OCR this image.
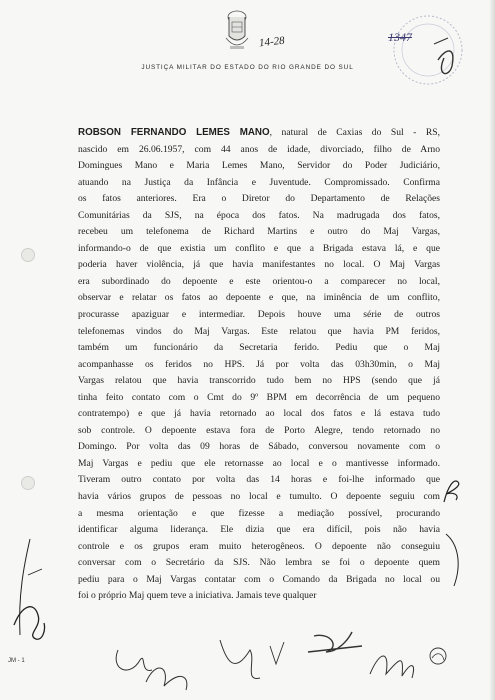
14-28
JUSTIÇA MILITAR DO ESTADO DO RIO GRANDE DO SUL
1347
ROBSON FERNANDO LEMES MANO, natural de Caxias do Sul - RS,
nascido em 26.06.1957, com 44 anos de idade, divorciado, filho de Arno
Domingues Mano e Maria Lemes Mano, Servidor do Poder Judiciário,
atuando na Justiça da Infância e Juventude. Compromissado. Confirma
os fatos anteriores. Era o Diretor do Departamento de Relações
Comunitárias da SJS, na época dos fatos. Na madrugada dos fatos,
recebeu um telefonema de Richard Martins e outro do Maj Vargas,
informando-o de que existia um conflito e que a Brigada estava lá, e que
poderia haver violência, já que havia manifestantes no local. O Maj Vargas
era subordinado do depoente e este orientou-o a comparecer no local,
observar e relatar os fatos ao depoente e que, na iminência de um conflito,
procurasse apaziguar e intermediar. Depois houve uma série de outros
telefonemas vindos do Maj Vargas. Este relatou que havia PM feridos,
também um funcionário da Secretaria ferido. Pediu que o Maj
acompanhasse os feridos no HPS. Já por volta das 03h30min, o Maj
Vargas relatou que havia transcorrido tudo bem no HPS (sendo que já
tinha feito contato com o Cmt do 9º BPM em decorrência de um pequeno
contratempo) e que já havia retornado ao local dos fatos e lá estava tudo
sob controle. O depoente estava fora de Porto Alegre, tendo retornado no
Domingo. Por volta das 09 horas de Sábado, conversou novamente com o
Maj Vargas e pediu que ele retornasse ao local e o mantivesse informado.
Tiveram outro contato por volta das 14 horas e foi-lhe informado que
havia vários grupos de pessoas no local e tumulto. O depoente seguiu com
a mesma orientação e que fizesse a mediação possível, procurando
identificar alguma liderança. Ele dizia que era difícil, pois não havia
controle e os grupos eram muito heterogêneos. O depoente não conseguiu
conversar com o Secretário da SJS. Não lembra se foi o depoente quem
pediu para o Maj Vargas contatar com o Comando da Brigada no local ou
foi o próprio Maj quem teve a iniciativa. Jamais teve qualquer
JM - 1
